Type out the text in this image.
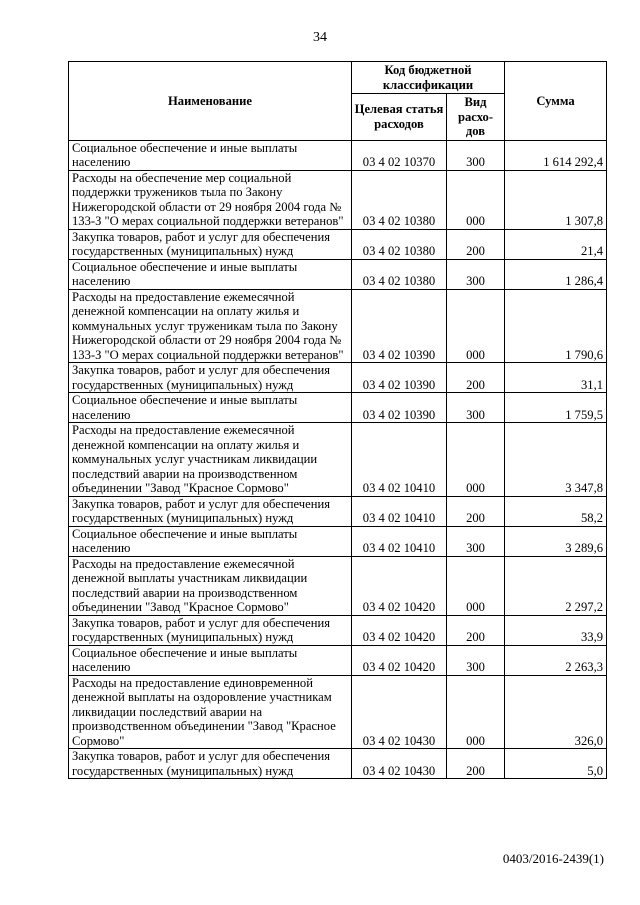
34
Наименование	Код бюджетной классификации		Сумма
	Целевая статья расходов	Вид расхо-дов	
Социальное обеспечение и иные выплаты населению	03 4 02 10370	300	1 614 292,4
Расходы на обеспечение мер социальной поддержки тружеников тыла по Закону Нижегородской области от 29 ноября 2004 года № 133-З "О мерах социальной поддержки ветеранов"	03 4 02 10380	000	1 307,8
Закупка товаров, работ и услуг для обеспечения государственных (муниципальных) нужд	03 4 02 10380	200	21,4
Социальное обеспечение и иные выплаты населению	03 4 02 10380	300	1 286,4
Расходы на предоставление ежемесячной денежной компенсации на оплату жилья и коммунальных услуг труженикам тыла по Закону Нижегородской области от 29 ноября 2004 года № 133-З "О мерах социальной поддержки ветеранов"	03 4 02 10390	000	1 790,6
Закупка товаров, работ и услуг для обеспечения государственных (муниципальных) нужд	03 4 02 10390	200	31,1
Социальное обеспечение и иные выплаты населению	03 4 02 10390	300	1 759,5
Расходы на предоставление ежемесячной денежной компенсации на оплату жилья и коммунальных услуг участникам ликвидации последствий аварии на производственном объединении "Завод "Красное Сормово"	03 4 02 10410	000	3 347,8
Закупка товаров, работ и услуг для обеспечения государственных (муниципальных) нужд	03 4 02 10410	200	58,2
Социальное обеспечение и иные выплаты населению	03 4 02 10410	300	3 289,6
Расходы на предоставление ежемесячной денежной выплаты участникам ликвидации последствий аварии на производственном объединении "Завод "Красное Сормово"	03 4 02 10420	000	2 297,2
Закупка товаров, работ и услуг для обеспечения государственных (муниципальных) нужд	03 4 02 10420	200	33,9
Социальное обеспечение и иные выплаты населению	03 4 02 10420	300	2 263,3
Расходы на предоставление единовременной денежной выплаты на оздоровление участникам ликвидации последствий аварии на производственном объединении "Завод "Красное Сормово"	03 4 02 10430	000	326,0
Закупка товаров, работ и услуг для обеспечения государственных (муниципальных) нужд	03 4 02 10430	200	5,0
0403/2016-2439(1)
